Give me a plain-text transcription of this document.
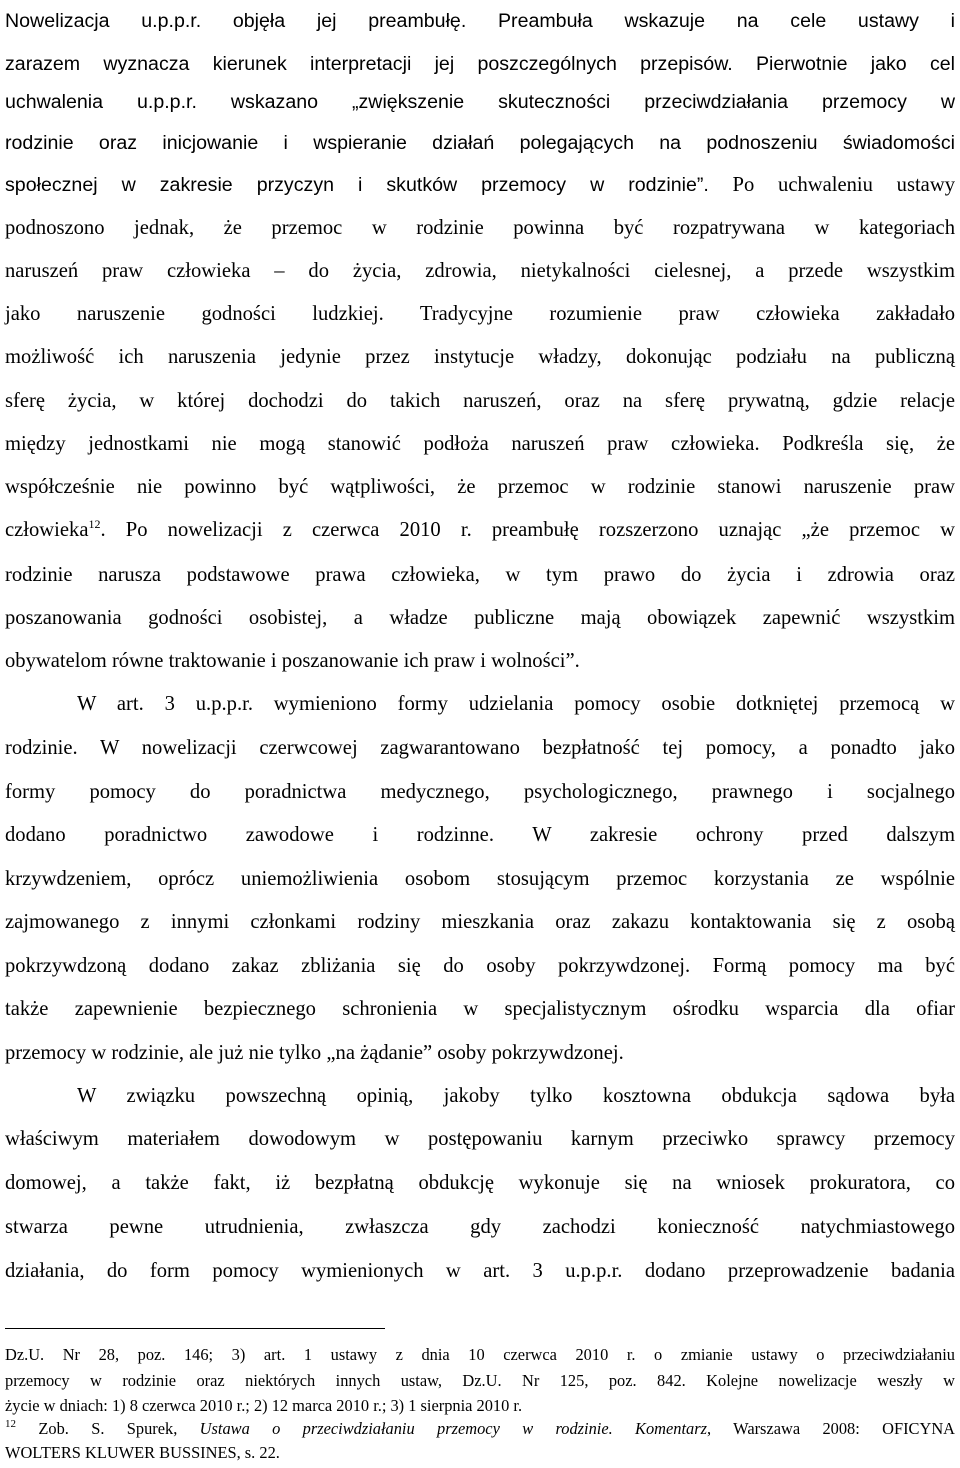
Nowelizacja u.p.p.r. objęła jej preambułę. Preambuła wskazuje na cele ustawy i
zarazem wyznacza kierunek interpretacji jej poszczególnych przepisów. Pierwotnie jako cel
uchwalenia u.p.p.r. wskazano „zwiększenie skuteczności przeciwdziałania przemocy w
rodzinie oraz inicjowanie i wspieranie działań polegających na podnoszeniu świadomości
społecznej w zakresie przyczyn i skutków przemocy w rodzinie”. Po uchwaleniu ustawy
podnoszono jednak, że przemoc w rodzinie powinna być rozpatrywana w kategoriach
naruszeń praw człowieka – do życia, zdrowia, nietykalności cielesnej, a przede wszystkim
jako naruszenie godności ludzkiej. Tradycyjne rozumienie praw człowieka zakładało
możliwość ich naruszenia jedynie przez instytucje władzy, dokonując podziału na publiczną
sferę życia, w której dochodzi do takich naruszeń, oraz na sferę prywatną, gdzie relacje
między jednostkami nie mogą stanowić podłoża naruszeń praw człowieka. Podkreśla się, że
współcześnie nie powinno być wątpliwości, że przemoc w rodzinie stanowi naruszenie praw
człowieka$^{12}$. Po nowelizacji z czerwca 2010 r. preambułę rozszerzono uznając „że przemoc w
rodzinie narusza podstawowe prawa człowieka, w tym prawo do życia i zdrowia oraz
poszanowania godności osobistej, a władze publiczne mają obowiązek zapewnić wszystkim
obywatelom równe traktowanie i poszanowanie ich praw i wolności”.
W art. 3 u.p.p.r. wymieniono formy udzielania pomocy osobie dotkniętej przemocą w
rodzinie. W nowelizacji czerwcowej zagwarantowano bezpłatność tej pomocy, a ponadto jako
formy pomocy do poradnictwa medycznego, psychologicznego, prawnego i socjalnego
dodano poradnictwo zawodowe i rodzinne. W zakresie ochrony przed dalszym
krzywdzeniem, oprócz uniemożliwienia osobom stosującym przemoc korzystania ze wspólnie
zajmowanego z innymi członkami rodziny mieszkania oraz zakazu kontaktowania się z osobą
pokrzywdzoną dodano zakaz zbliżania się do osoby pokrzywdzonej. Formą pomocy ma być
także zapewnienie bezpiecznego schronienia w specjalistycznym ośrodku wsparcia dla ofiar
przemocy w rodzinie, ale już nie tylko „na żądanie” osoby pokrzywdzonej.
W związku powszechną opinią, jakoby tylko kosztowna obdukcja sądowa była
właściwym materiałem dowodowym w postępowaniu karnym przeciwko sprawcy przemocy
domowej, a także fakt, iż bezpłatną obdukcję wykonuje się na wniosek prokuratora, co
stwarza pewne utrudnienia, zwłaszcza gdy zachodzi konieczność natychmiastowego
działania, do form pomocy wymienionych w art. 3 u.p.p.r. dodano przeprowadzenie badania
Dz.U. Nr 28, poz. 146; 3) art. 1 ustawy z dnia 10 czerwca 2010 r. o zmianie ustawy o przeciwdziałaniu
przemocy w rodzinie oraz niektórych innych ustaw, Dz.U. Nr 125, poz. 842. Kolejne nowelizacje weszły w
życie w dniach: 1) 8 czerwca 2010 r.; 2) 12 marca 2010 r.; 3) 1 sierpnia 2010 r.
$^{12}$ Zob. S. Spurek, Ustawa o przeciwdziałaniu przemocy w rodzinie. Komentarz, Warszawa 2008: OFICYNA
WOLTERS KLUWER BUSSINES, s. 22.
